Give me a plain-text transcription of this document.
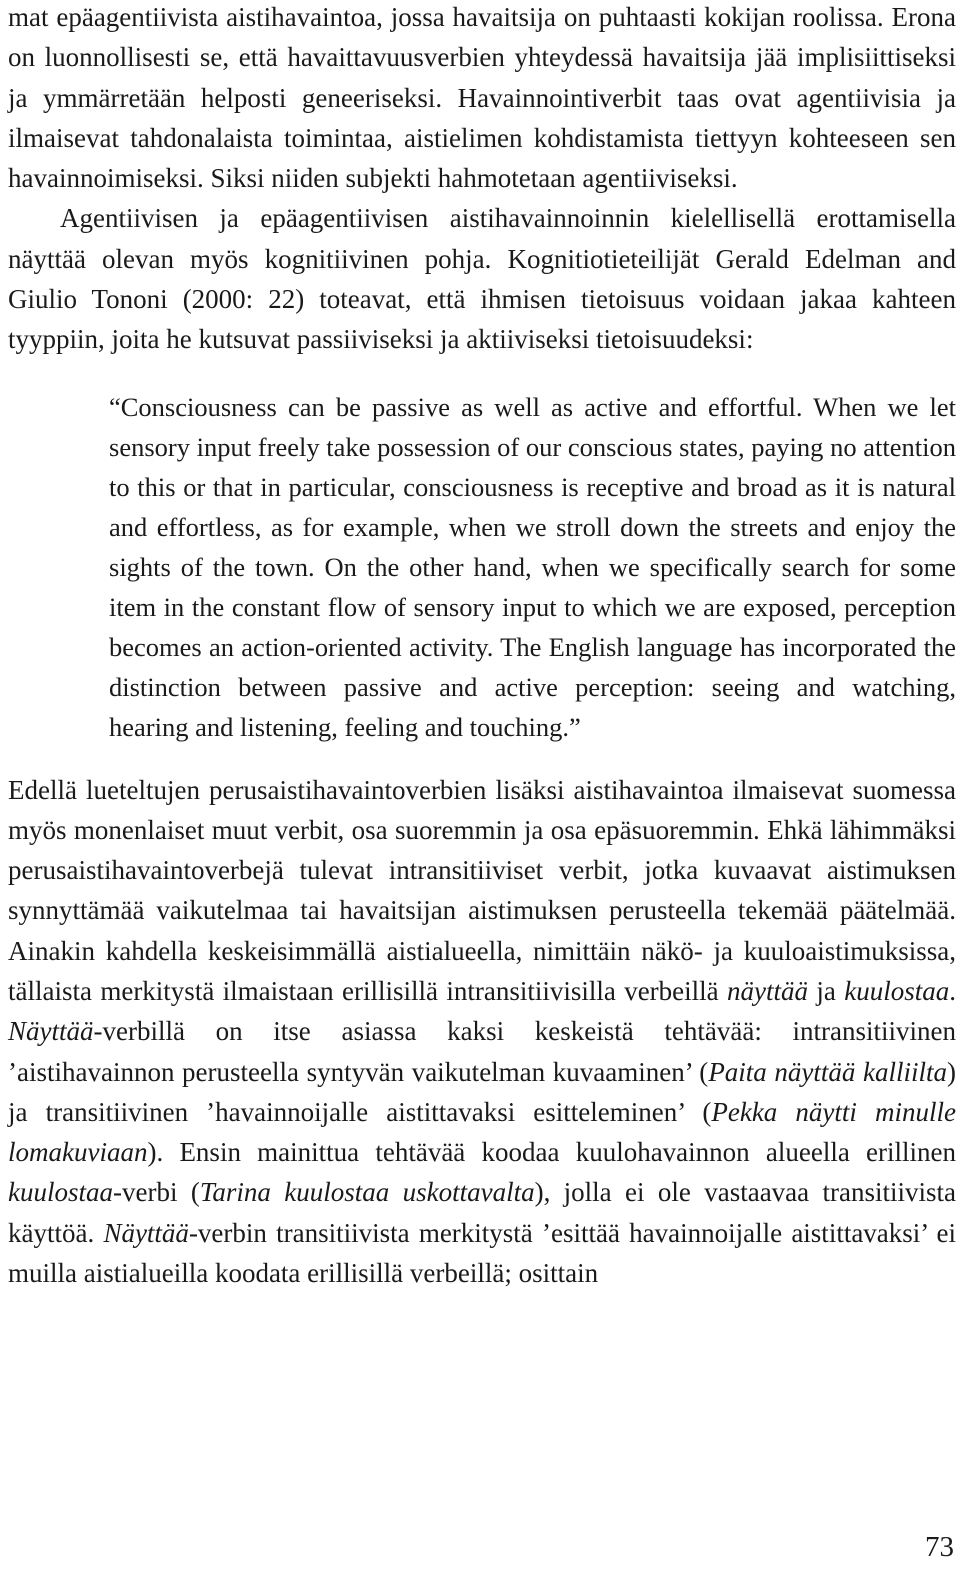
mat epäagentiivista aistihavaintoa, jossa havaitsija on puhtaasti kokijan roolissa. Erona on luonnollisesti se, että havaittavuusverbien yhteydessä havaitsija jää implisiittiseksi ja ymmärretään helposti geneeriseksi. Havainnointiverbit taas ovat agentiivisia ja ilmaisevat tahdonalaista toimintaa, aistielimen kohdistamista tiettyyn kohteeseen sen havainnoimiseksi. Siksi niiden subjekti hahmotetaan agentiiviseksi.

Agentiivisen ja epäagentiivisen aistihavainnoinnin kielellisellä erottamisella näyttää olevan myös kognitiivinen pohja. Kognitiotieteilijät Gerald Edelman and Giulio Tononi (2000: 22) toteavat, että ihmisen tietoisuus voidaan jakaa kahteen tyyppiin, joita he kutsuvat passiiviseksi ja aktiiviseksi tietoisuudeksi:

“Consciousness can be passive as well as active and effortful. When we let sensory input freely take possession of our conscious states, paying no attention to this or that in particular, consciousness is receptive and broad as it is natural and effortless, as for example, when we stroll down the streets and enjoy the sights of the town. On the other hand, when we specifically search for some item in the constant flow of sensory input to which we are exposed, perception becomes an action-oriented activity. The English language has incorporated the distinction between passive and active perception: seeing and watching, hearing and listening, feeling and touching.”

Edellä lueteltujen perusaistihavaintoverbien lisäksi aistihavaintoa ilmaisevat suomessa myös monenlaiset muut verbit, osa suoremmin ja osa epäsuoremmin. Ehkä lähimmäksi perusaistihavaintoverbejä tulevat intransitiiviset verbit, jotka kuvaavat aistimuksen synnyttämää vaikutelmaa tai havaitsijan aistimuksen perusteella tekemää päätelmää. Ainakin kahdella keskeisimmällä aistialueella, nimittäin näkö- ja kuuloaistimuksissa, tällaista merkitystä ilmaistaan erillisillä intransitiivisilla verbeillä näyttää ja kuulostaa. Näyttää-verbillä on itse asiassa kaksi keskeistä tehtävää: intransitiivinen ’aistihavainnon perusteella syntyvän vaikutelman kuvaaminen’ (Paita näyttää kalliilta) ja transitiivinen ’havainnoijalle aistittavaksi esitteleminen’ (Pekka näytti minulle lomakuviaan). Ensin mainittua tehtävää koodaa kuulohavainnon alueella erillinen kuulostaa-verbi (Tarina kuulostaa uskottavalta), jolla ei ole vastaavaa transitiivista käyttöä. Näyttää-verbin transitiivista merkitystä ’esittää havainnoijalle aistittavaksi’ ei muilla aistialueilla koodata erillisillä verbeillä; osittain

73
